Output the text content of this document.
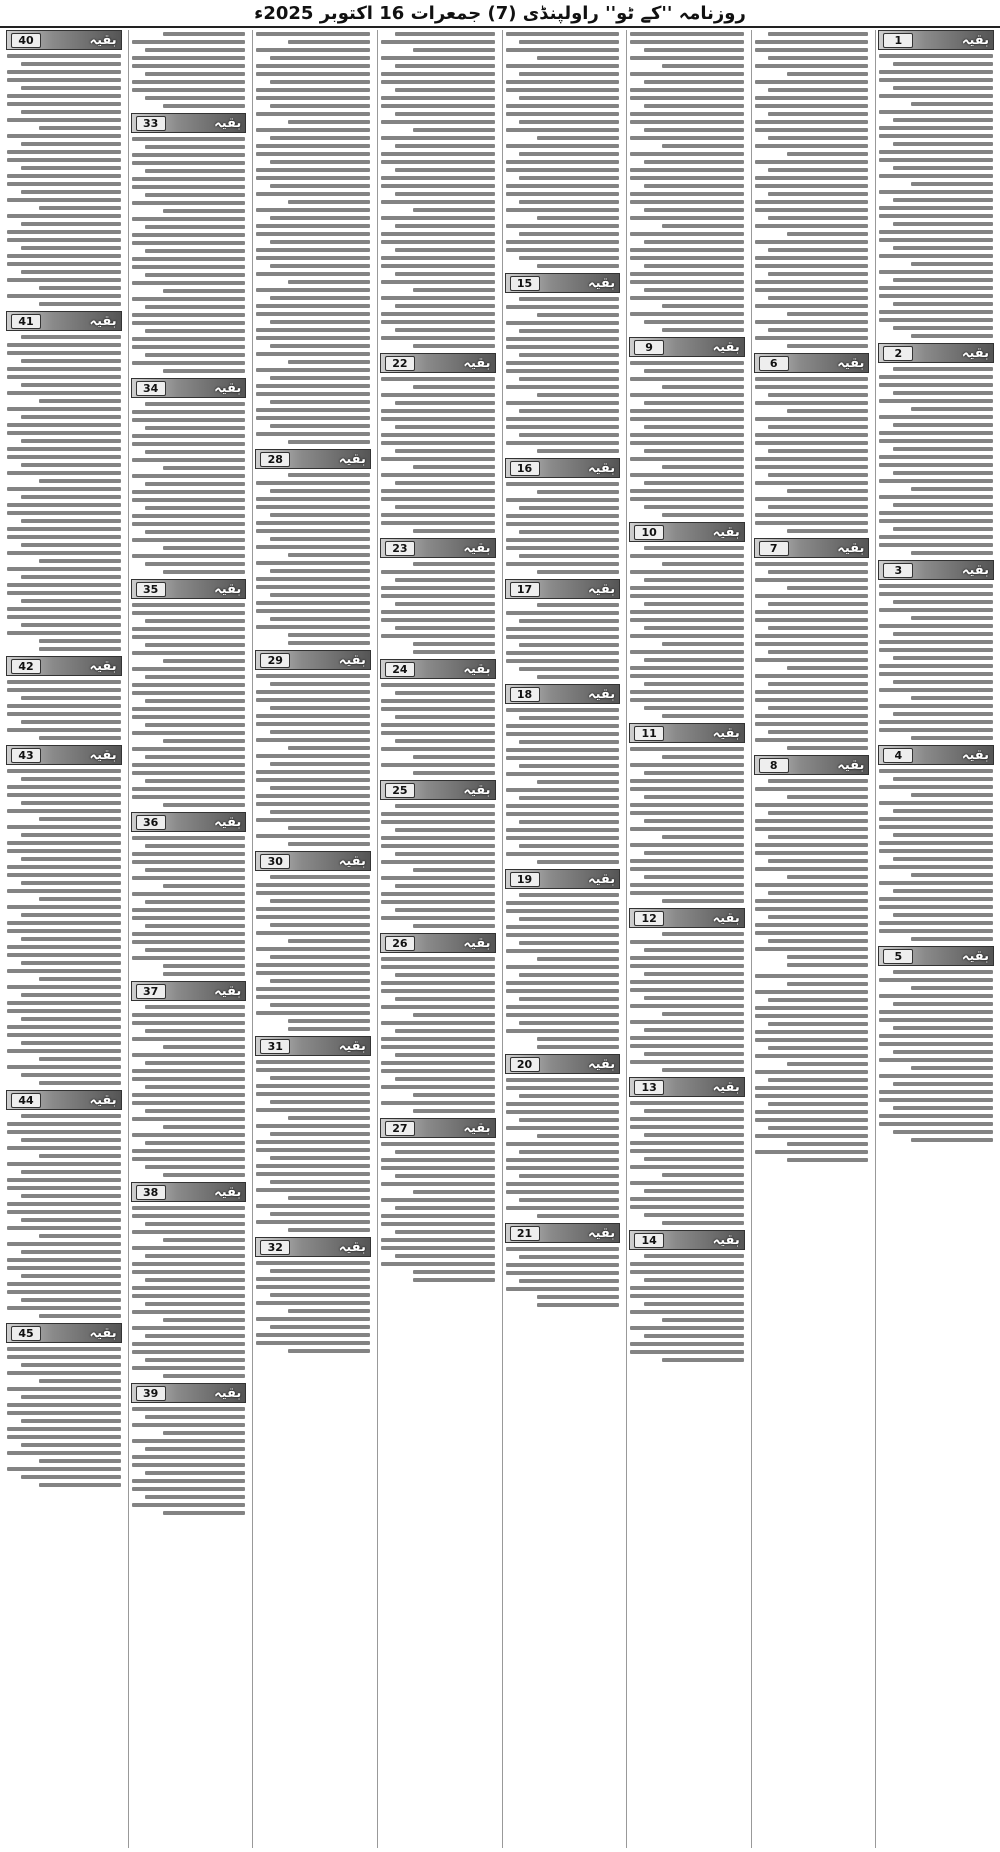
روزنامہ ''کے ٹو'' راولپنڈی (7) جمعرات 16 اکتوبر 2025ء
بقیہ
1
بقیہ
2
بقیہ
3
بقیہ
4
بقیہ
5
بقیہ
6
بقیہ
7
بقیہ
8
بقیہ
9
بقیہ
10
بقیہ
11
بقیہ
12
بقیہ
13
بقیہ
14
بقیہ
15
بقیہ
16
بقیہ
17
بقیہ
18
بقیہ
19
بقیہ
20
بقیہ
21
بقیہ
22
بقیہ
23
بقیہ
24
بقیہ
25
بقیہ
26
بقیہ
27
بقیہ
28
بقیہ
29
بقیہ
30
بقیہ
31
بقیہ
32
بقیہ
33
بقیہ
34
بقیہ
35
بقیہ
36
بقیہ
37
بقیہ
38
بقیہ
39
بقیہ
40
بقیہ
41
بقیہ
42
بقیہ
43
بقیہ
44
بقیہ
45
